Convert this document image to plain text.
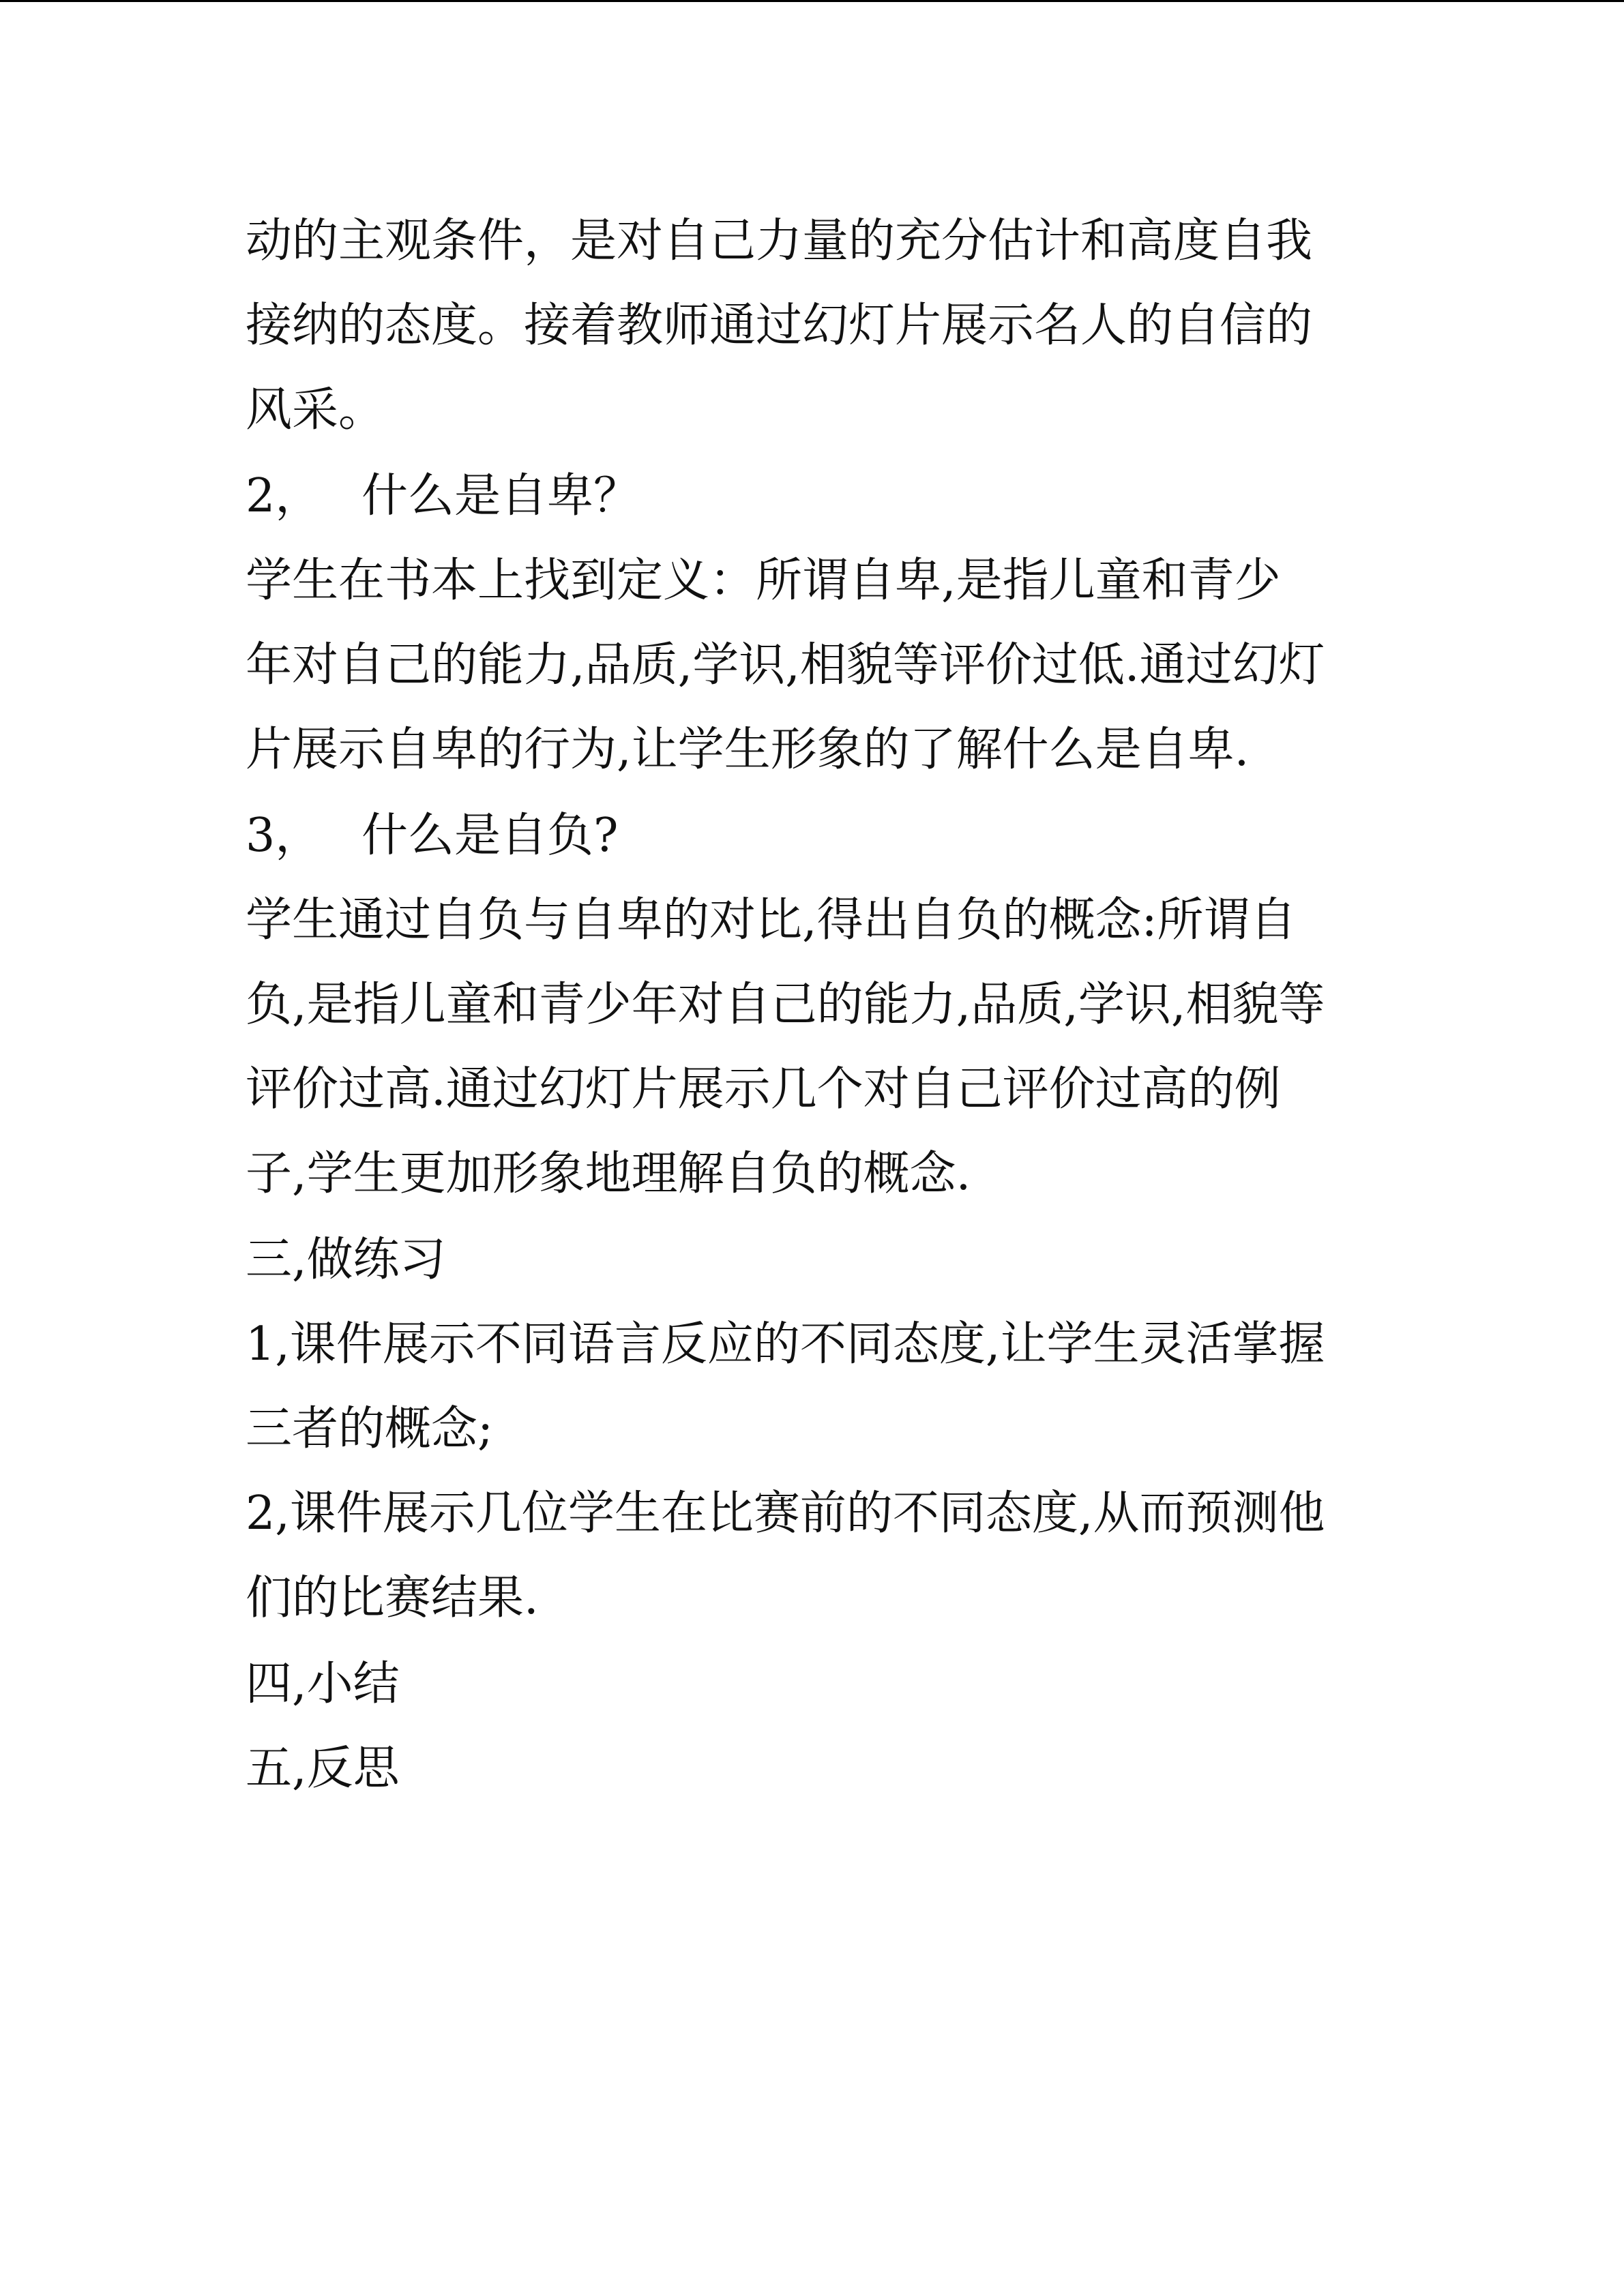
动的主观条件，是对自己力量的充分估计和高度自我
接纳的态度。接着教师通过幻灯片展示名人的自信的
风采。
2， 什么是自卑？
学生在书本上找到定义：所谓自卑,是指儿童和青少
年对自己的能力,品质,学识,相貌等评价过低.通过幻灯
片展示自卑的行为,让学生形象的了解什么是自卑.
3， 什么是自负?
学生通过自负与自卑的对比,得出自负的概念:所谓自
负,是指儿童和青少年对自己的能力,品质,学识,相貌等
评价过高.通过幻灯片展示几个对自己评价过高的例
子,学生更加形象地理解自负的概念.
三,做练习
1,课件展示不同语言反应的不同态度,让学生灵活掌握
三者的概念;
2,课件展示几位学生在比赛前的不同态度,从而预测他
们的比赛结果.
四,小结
五,反思
